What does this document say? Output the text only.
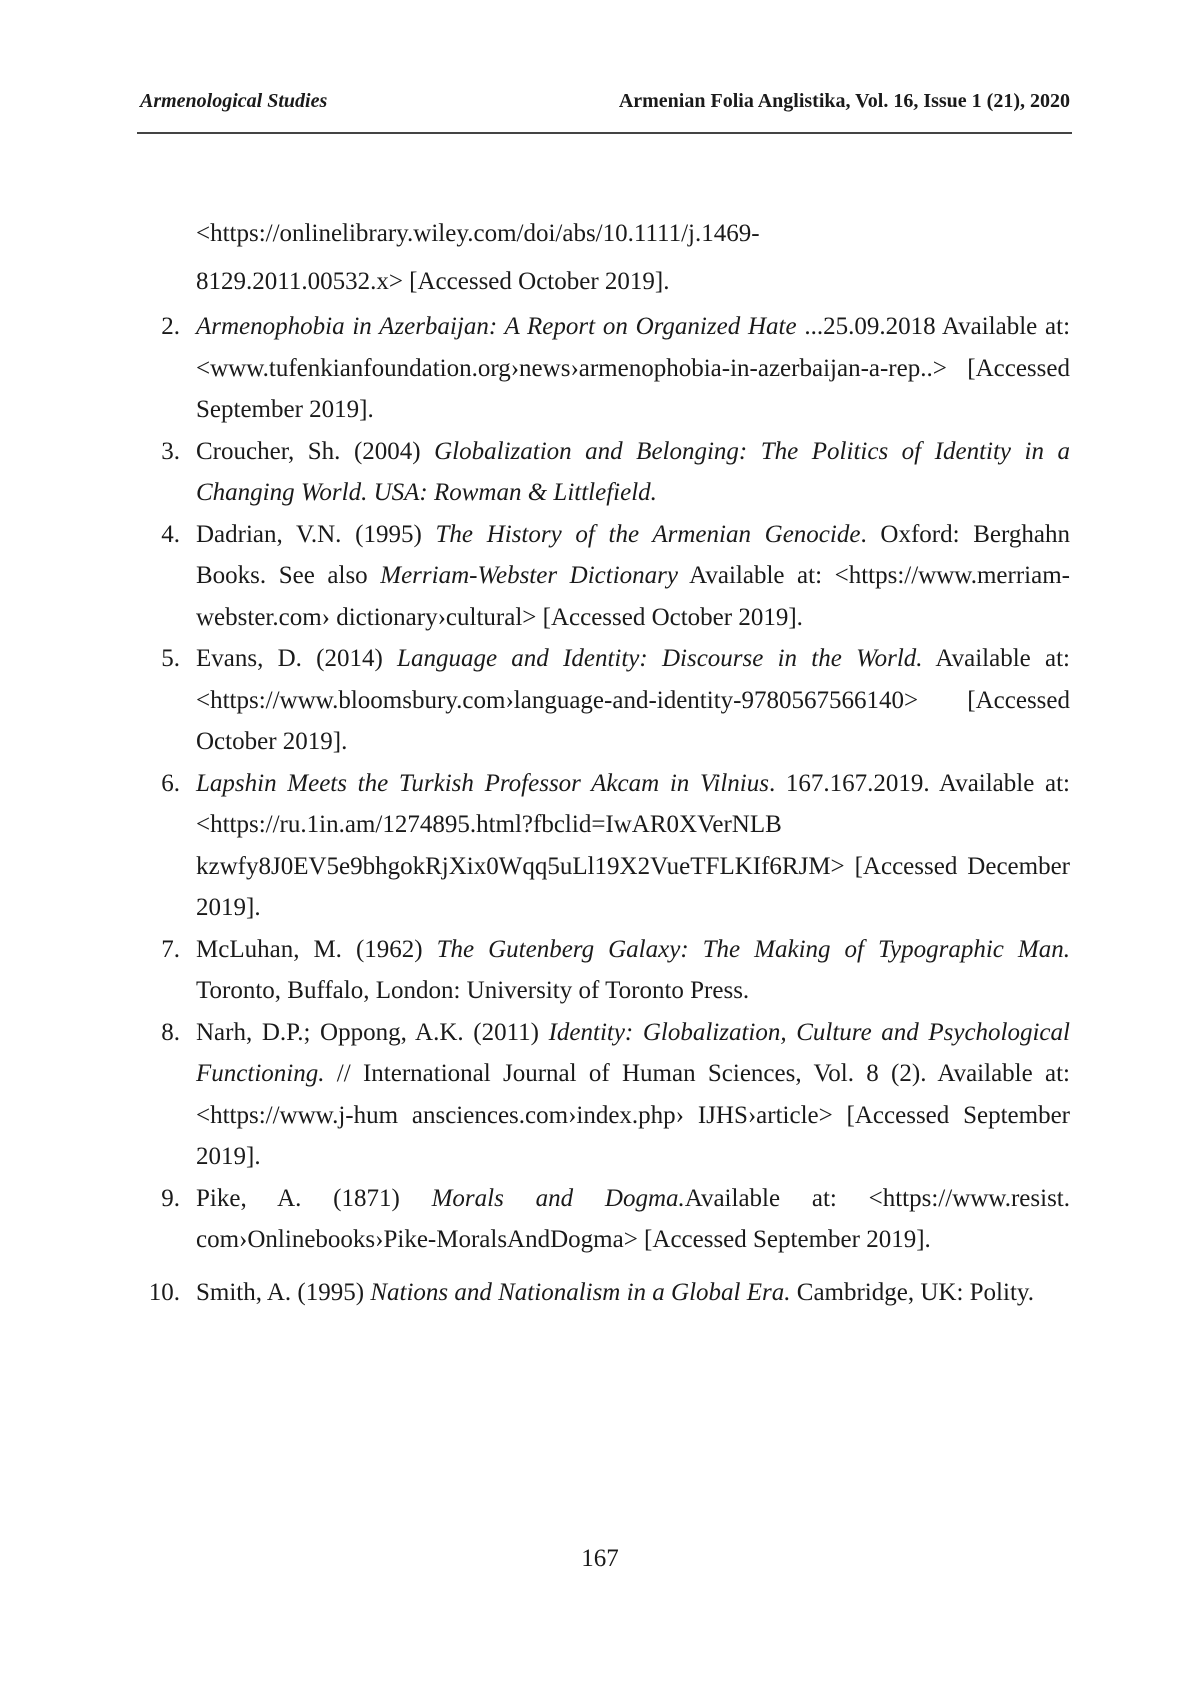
Armenological Studies	Armenian Folia Anglistika, Vol. 16, Issue 1 (21), 2020
<https://onlinelibrary.wiley.com/doi/abs/10.1111/j.1469-
8129.2011.00532.x> [Accessed October 2019].
2. Armenophobia in Azerbaijan: A Report on Organized Hate ...25.09.2018 Available at: <www.tufenkianfoundation.org›news›armenophobia-in-azerbaijan-a-rep..> [Accessed September 2019].
3. Croucher, Sh. (2004) Globalization and Belonging: The Politics of Identity in a Changing World. USA: Rowman & Littlefield.
4. Dadrian, V.N. (1995) The History of the Armenian Genocide. Oxford: Berghahn Books. See also Merriam-Webster Dictionary Available at: <https://www.merriam-webster.com› dictionary›cultural> [Accessed October 2019].
5. Evans, D. (2014) Language and Identity: Discourse in the World. Available at: <https://www.bloomsbury.com›language-and-identity-9780567566140> [Accessed October 2019].
6. Lapshin Meets the Turkish Professor Akcam in Vilnius. 167.167.2019. Available at: <https://ru.1in.am/1274895.html?fbclid=IwAR0XVerNLB kzwfy8J0EV5e9bhgokRjXix0Wqq5uLl19X2VueTFLKIf6RJM> [Accessed December 2019].
7. McLuhan, M. (1962) The Gutenberg Galaxy: The Making of Typographic Man. Toronto, Buffalo, London: University of Toronto Press.
8. Narh, D.P.; Oppong, A.K. (2011) Identity: Globalization, Culture and Psychological Functioning. // International Journal of Human Sciences, Vol. 8 (2). Available at: <https://www.j-hum ansciences.com›index.php› IJHS›article> [Accessed September 2019].
9. Pike, A. (1871) Morals and Dogma.Available at: <https://www.resist. com›Onlinebooks›Pike-MoralsAndDogma> [Accessed September 2019].
10. Smith, A. (1995) Nations and Nationalism in a Global Era. Cambridge, UK: Polity.
167
